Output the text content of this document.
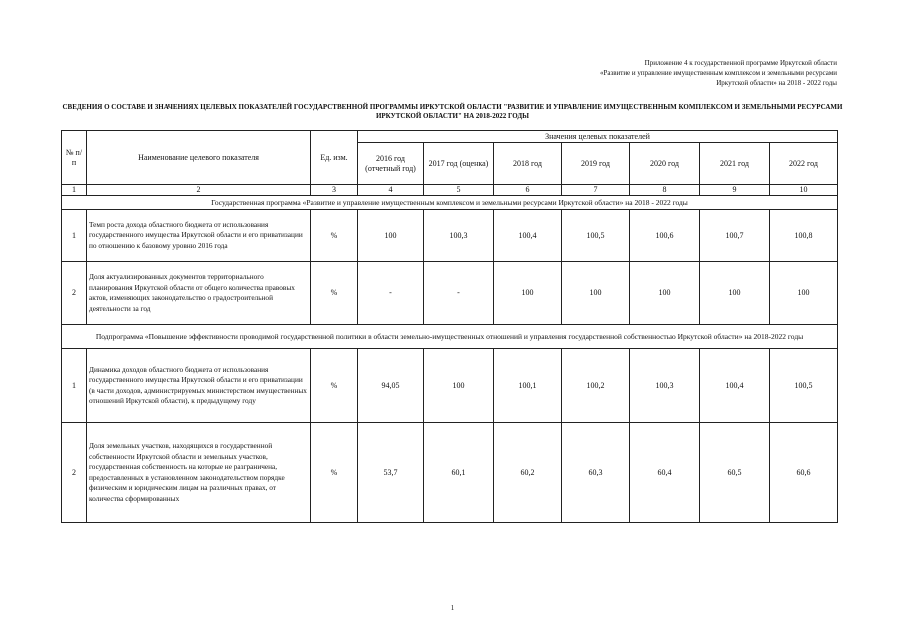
Приложение 4 к государственной программе Иркутской области
«Развитие и управление имущественным комплексом и земельными ресурсами
Иркутской области» на 2018 - 2022 годы
СВЕДЕНИЯ О СОСТАВЕ И ЗНАЧЕНИЯХ ЦЕЛЕВЫХ ПОКАЗАТЕЛЕЙ ГОСУДАРСТВЕННОЙ ПРОГРАММЫ ИРКУТСКОЙ ОБЛАСТИ "РАЗВИТИЕ И УПРАВЛЕНИЕ ИМУЩЕСТВЕННЫМ КОМПЛЕКСОМ И ЗЕМЕЛЬНЫМИ РЕСУРСАМИ ИРКУТСКОЙ ОБЛАСТИ" НА 2018-2022 ГОДЫ
№ п/п	Наименование целевого показателя	Ед. изм.	Значения целевых показателей						
			2016 год (отчетный год)	2017 год (оценка)	2018 год	2019 год	2020 год	2021 год	2022 год
1	2	3	4	5	6	7	8	9	10
Государственная программа «Развитие и управление имущественным комплексом и земельными ресурсами Иркутской области» на 2018 - 2022 годы									
1	Темп роста дохода областного бюджета от использования государственного имущества Иркутской области и его приватизации по отношению к базовому уровню 2016 года	%	100	100,3	100,4	100,5	100,6	100,7	100,8
2	Доля актуализированных документов территориального планирования Иркутской области от общего количества правовых актов, изменяющих законодательство о градостроительной деятельности за год	%	-	-	100	100	100	100	100
Подпрограмма «Повышение эффективности проводимой государственной политики в области земельно-имущественных отношений и управления государственной собственностью Иркутской области» на 2018-2022 годы									
1	Динамика доходов областного бюджета от использования государственного имущества Иркутской области и его приватизации (в части доходов, администрируемых министерством имущественных отношений Иркутской области), к предыдущему году	%	94,05	100	100,1	100,2	100,3	100,4	100,5
2	Доля земельных участков, находящихся в государственной собственности Иркутской области и земельных участков, государственная собственность на которые не разграничена, предоставленных в установленном законодательством порядке физическим и юридическим лицам на различных правах, от количества сформированных	%	53,7	60,1	60,2	60,3	60,4	60,5	60,6
1
